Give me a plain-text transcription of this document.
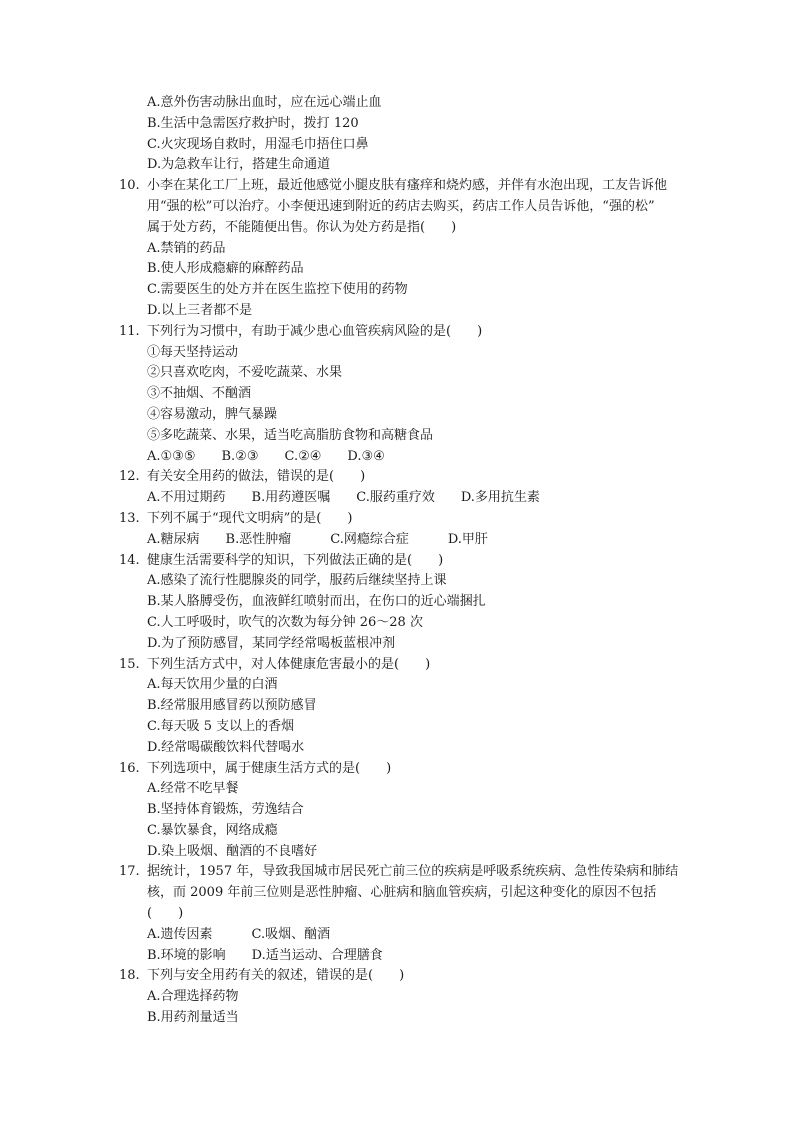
A.意外伤害动脉出血时，应在远心端止血
B.生活中急需医疗救护时，拨打 120
C.火灾现场自救时，用湿毛巾捂住口鼻
D.为急救车让行，搭建生命通道
10. 小李在某化工厂上班，最近他感觉小腿皮肤有瘙痒和烧灼感，并伴有水泡出现，工友告诉他
用“强的松”可以治疗。小李便迅速到附近的药店去购买，药店工作人员告诉他，“强的松”
属于处方药，不能随便出售。你认为处方药是指(　　)
A.禁销的药品
B.使人形成瘾癖的麻醉药品
C.需要医生的处方并在医生监控下使用的药物
D.以上三者都不是
11. 下列行为习惯中，有助于减少患心血管疾病风险的是(　　)
①每天坚持运动
②只喜欢吃肉，不爱吃蔬菜、水果
③不抽烟、不酗酒
④容易激动，脾气暴躁
⑤多吃蔬菜、水果，适当吃高脂肪食物和高糖食品
A.①③⑤　　B.②③　　C.②④　　D.③④
12. 有关安全用药的做法，错误的是(　　)
A.不用过期药　　B.用药遵医嘱　　C.服药重疗效　　D.多用抗生素
13. 下列不属于“现代文明病”的是(　　)
A.糖尿病　　B.恶性肿瘤　　　C.网瘾综合症　　　D.甲肝
14. 健康生活需要科学的知识，下列做法正确的是(　　)
A.感染了流行性腮腺炎的同学，服药后继续坚持上课
B.某人胳膊受伤，血液鲜红喷射而出，在伤口的近心端捆扎
C.人工呼吸时，吹气的次数为每分钟 26～28 次
D.为了预防感冒，某同学经常喝板蓝根冲剂
15. 下列生活方式中，对人体健康危害最小的是(　　)
A.每天饮用少量的白酒
B.经常服用感冒药以预防感冒
C.每天吸 5 支以上的香烟
D.经常喝碳酸饮料代替喝水
16. 下列选项中，属于健康生活方式的是(　　)
A.经常不吃早餐
B.坚持体育锻炼，劳逸结合
C.暴饮暴食，网络成瘾
D.染上吸烟、酗酒的不良嗜好
17. 据统计，1957 年，导致我国城市居民死亡前三位的疾病是呼吸系统疾病、急性传染病和肺结
核，而 2009 年前三位则是恶性肿瘤、心脏病和脑血管疾病，引起这种变化的原因不包括
(　　)
A.遗传因素　　　C.吸烟、酗酒
B.环境的影响　　D.适当运动、合理膳食
18. 下列与安全用药有关的叙述，错误的是(　　)
A.合理选择药物
B.用药剂量适当
